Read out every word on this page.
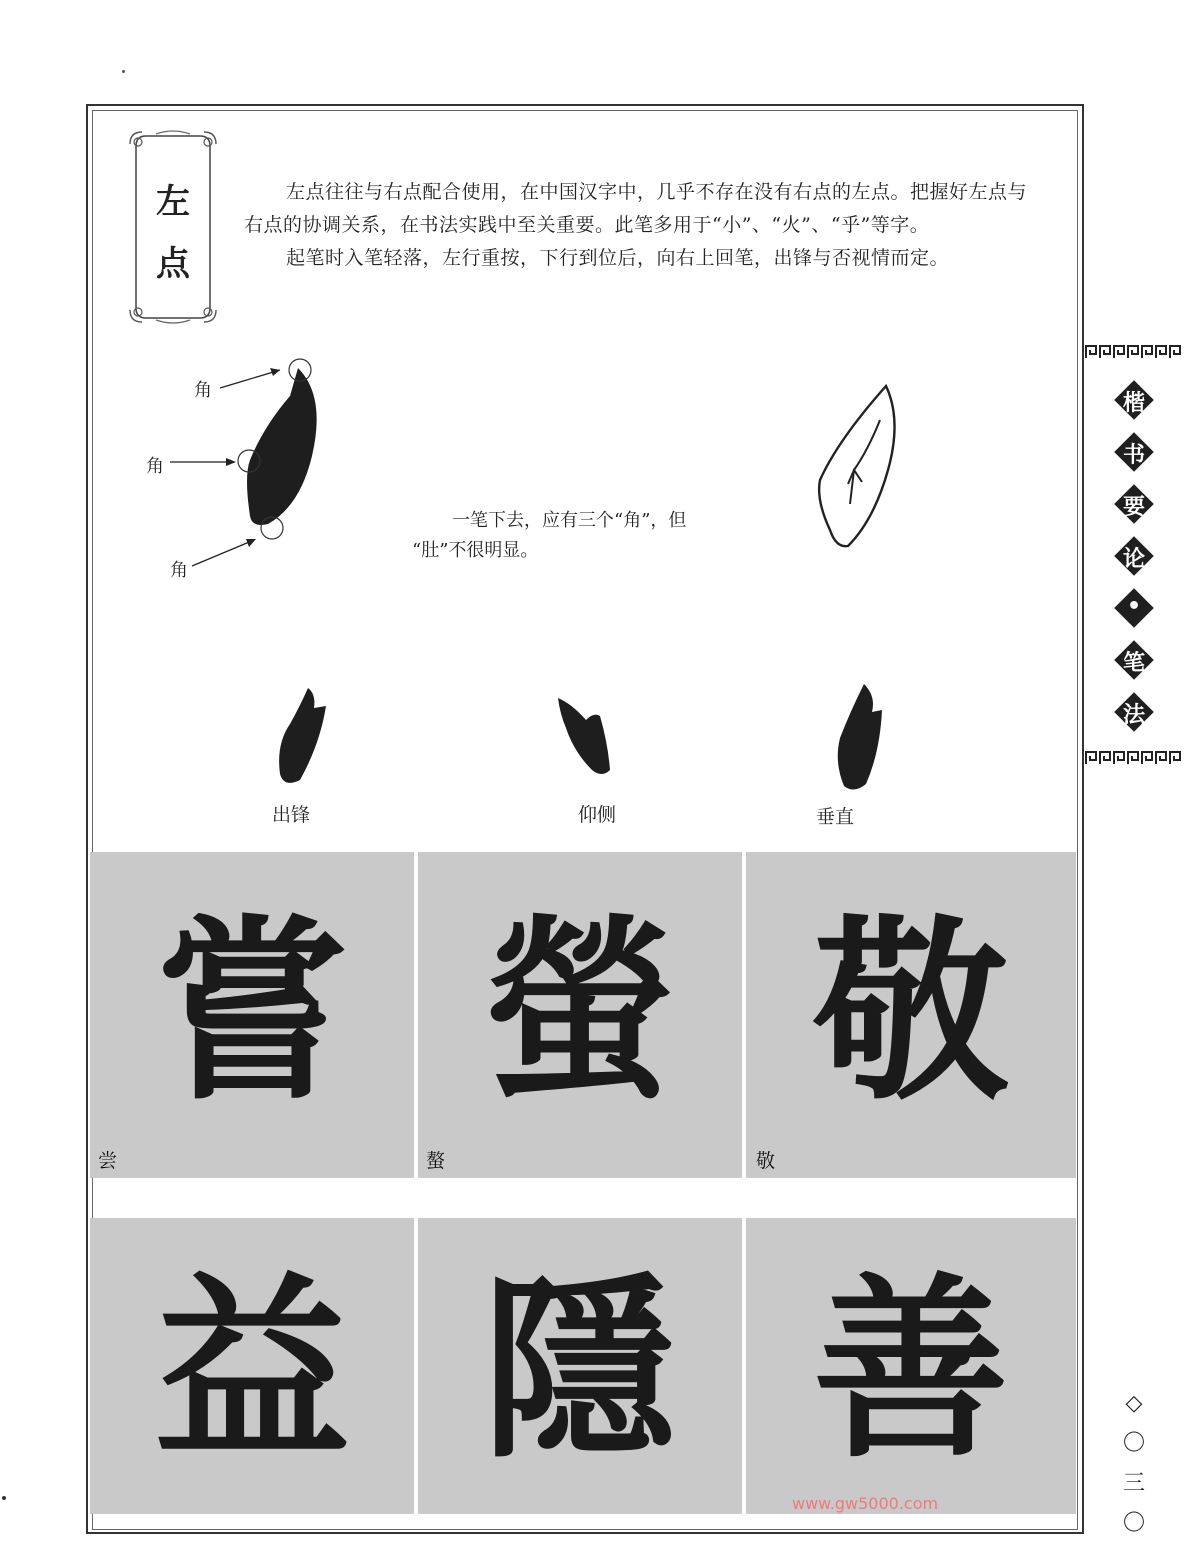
左
点

左点往往与右点配合使用，在中国汉字中，几乎不存在没有右点的左点。把握好左点与

右点的协调关系，在书法实践中至关重要。此笔多用于“小”、“火”、“乎”等字。

起笔时入笔轻落，左行重按，下行到位后，向右上回笔，出锋与否视情而定。

角
角
角
一笔下去，应有三个“角”，但
“肚”不很明显。
出锋	仰侧	垂直
嘗 螢 敬
尝	螯	敬
益 隱 善
www.gw5000.com
楷
书
要
论
•
笔
法
◇
〇
三
〇
